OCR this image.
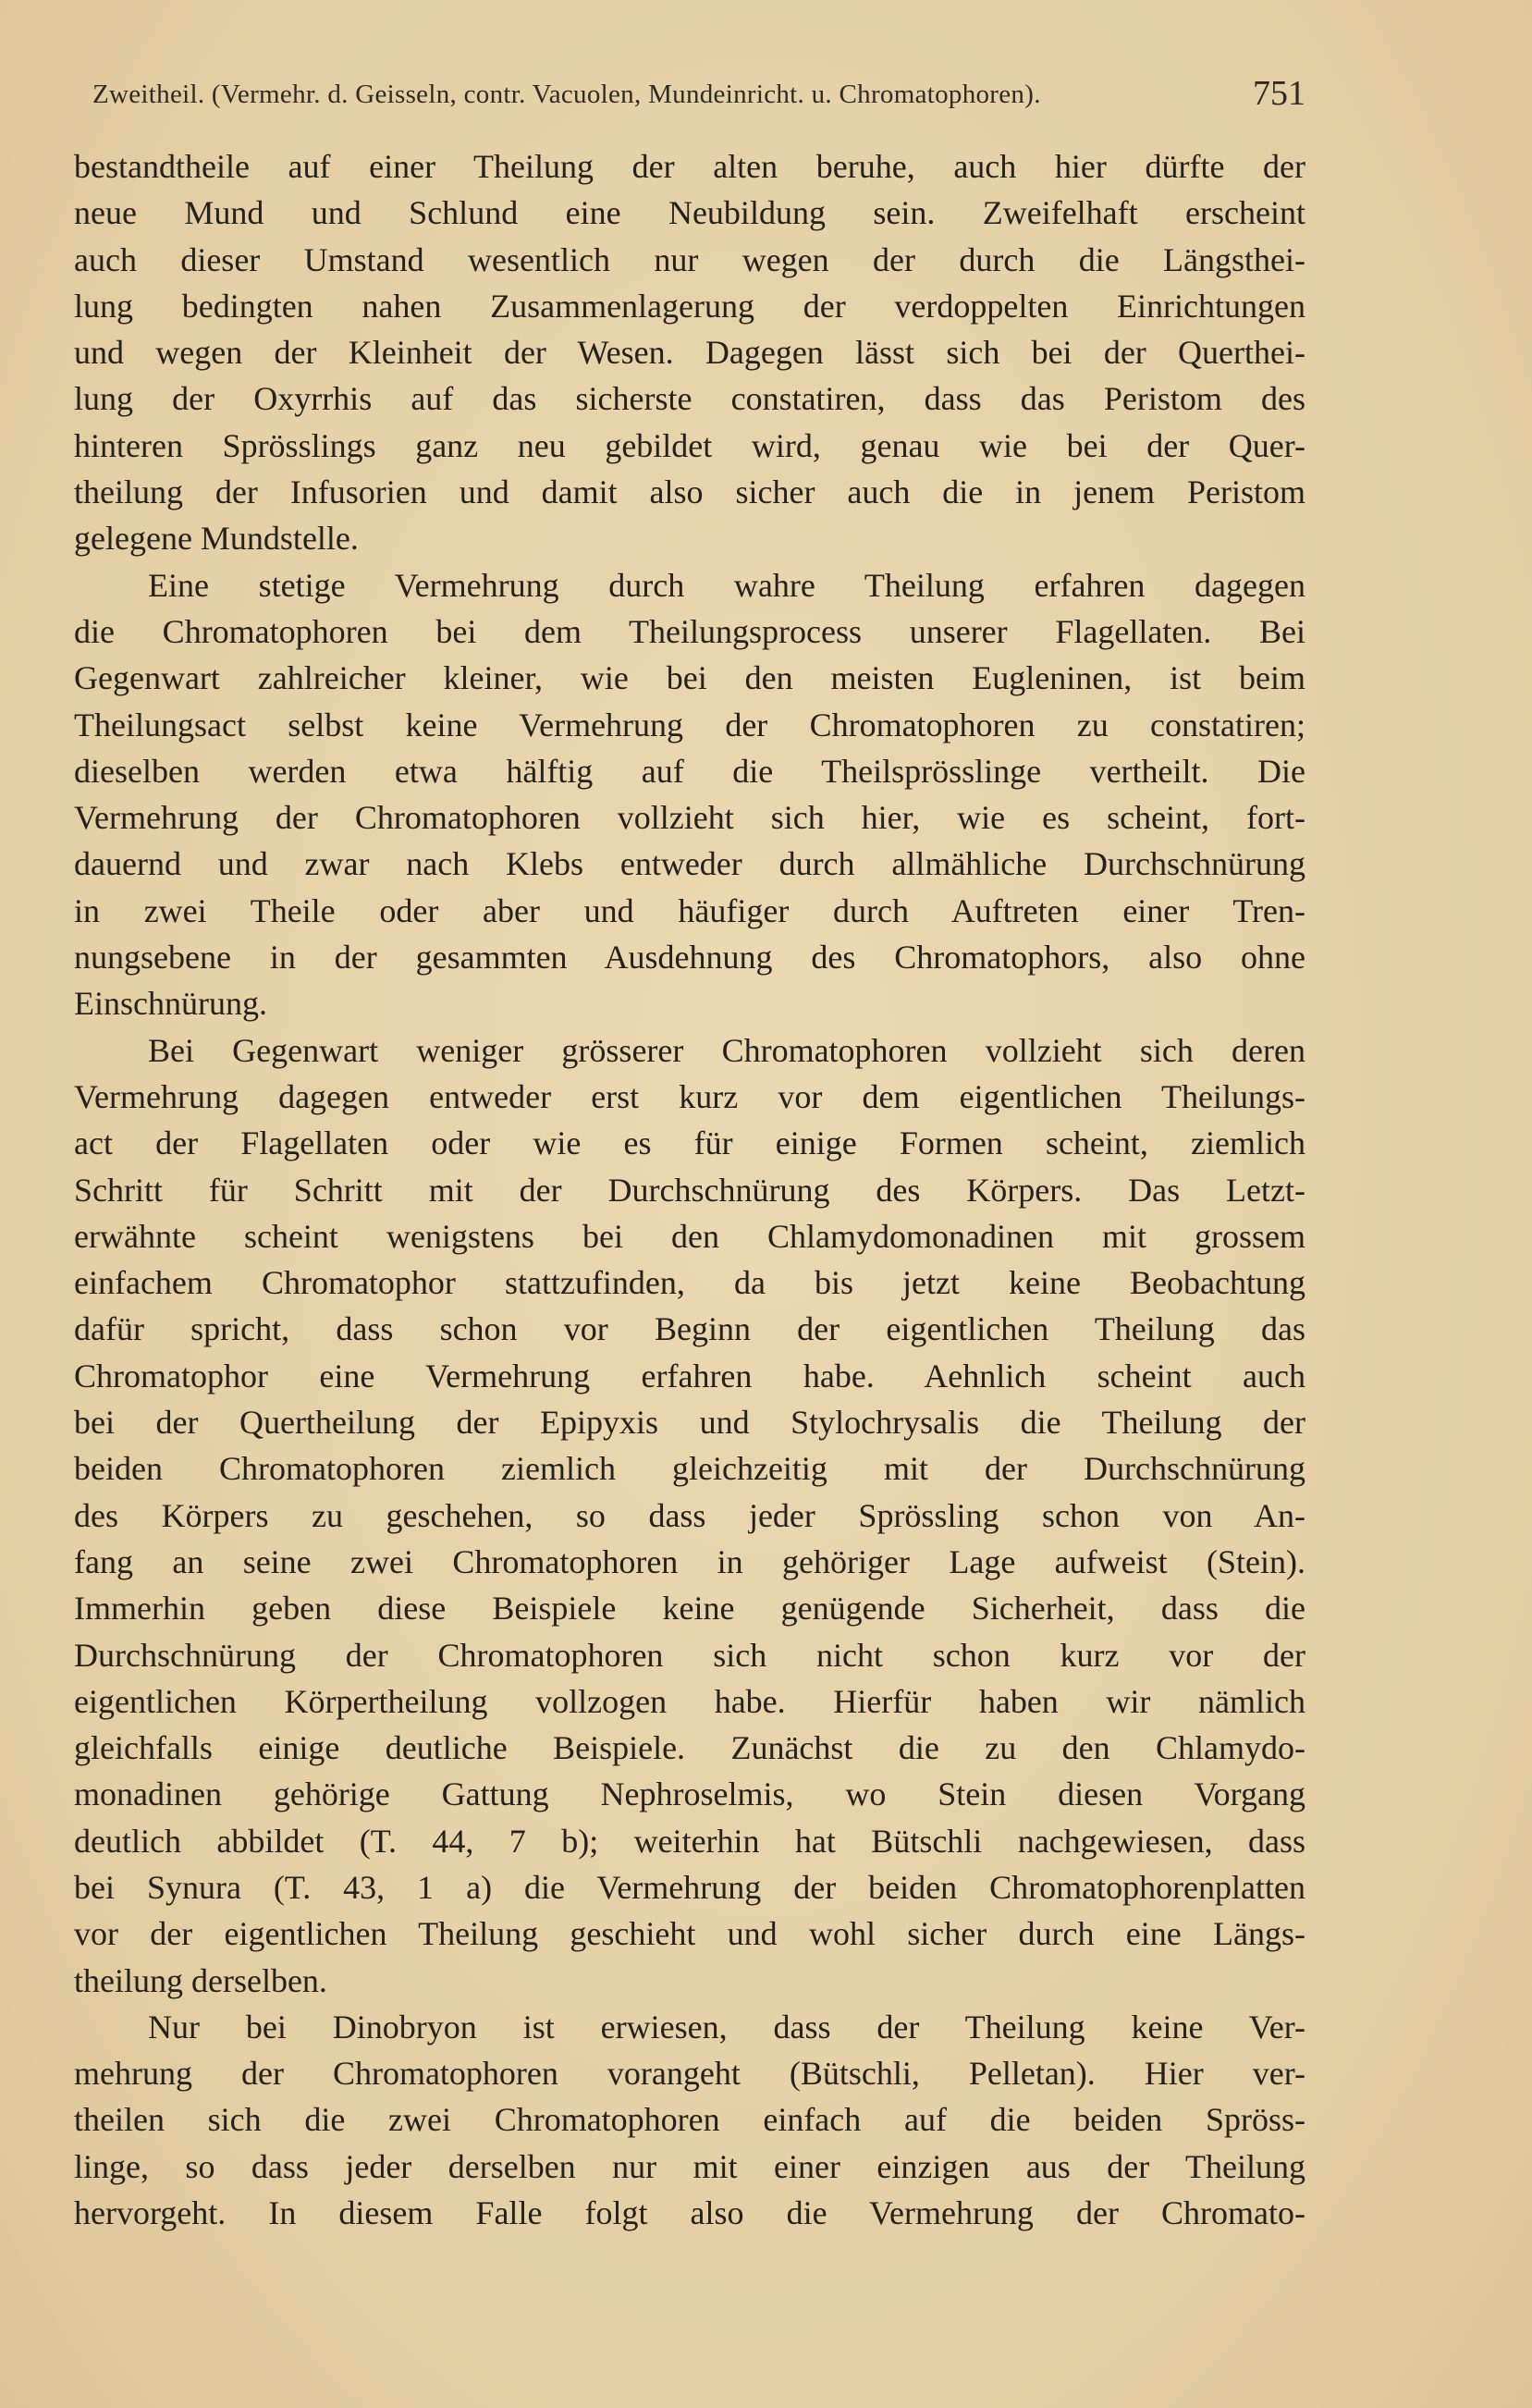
Zweitheil. (Vermehr. d. Geisseln, contr. Vacuolen, Mundeinricht. u. Chromatophoren).	751
bestandtheile auf einer Theilung der alten beruhe, auch hier dürfte der
neue Mund und Schlund eine Neubildung sein. Zweifelhaft erscheint
auch dieser Umstand wesentlich nur wegen der durch die Längsthei-
lung bedingten nahen Zusammenlagerung der verdoppelten Einrichtungen
und wegen der Kleinheit der Wesen. Dagegen lässt sich bei der Querthei-
lung der Oxyrrhis auf das sicherste constatiren, dass das Peristom des
hinteren Sprösslings ganz neu gebildet wird, genau wie bei der Quer-
theilung der Infusorien und damit also sicher auch die in jenem Peristom
gelegene Mundstelle.
Eine stetige Vermehrung durch wahre Theilung erfahren dagegen
die Chromatophoren bei dem Theilungsprocess unserer Flagellaten. Bei
Gegenwart zahlreicher kleiner, wie bei den meisten Eugleninen, ist beim
Theilungsact selbst keine Vermehrung der Chromatophoren zu constatiren;
dieselben werden etwa hälftig auf die Theilsprösslinge vertheilt. Die
Vermehrung der Chromatophoren vollzieht sich hier, wie es scheint, fort-
dauernd und zwar nach Klebs entweder durch allmähliche Durchschnürung
in zwei Theile oder aber und häufiger durch Auftreten einer Tren-
nungsebene in der gesammten Ausdehnung des Chromatophors, also ohne
Einschnürung.
Bei Gegenwart weniger grösserer Chromatophoren vollzieht sich deren
Vermehrung dagegen entweder erst kurz vor dem eigentlichen Theilungs-
act der Flagellaten oder wie es für einige Formen scheint, ziemlich
Schritt für Schritt mit der Durchschnürung des Körpers. Das Letzt-
erwähnte scheint wenigstens bei den Chlamydomonadinen mit grossem
einfachem Chromatophor stattzufinden, da bis jetzt keine Beobachtung
dafür spricht, dass schon vor Beginn der eigentlichen Theilung das
Chromatophor eine Vermehrung erfahren habe. Aehnlich scheint auch
bei der Quertheilung der Epipyxis und Stylochrysalis die Theilung der
beiden Chromatophoren ziemlich gleichzeitig mit der Durchschnürung
des Körpers zu geschehen, so dass jeder Sprössling schon von An-
fang an seine zwei Chromatophoren in gehöriger Lage aufweist (Stein).
Immerhin geben diese Beispiele keine genügende Sicherheit, dass die
Durchschnürung der Chromatophoren sich nicht schon kurz vor der
eigentlichen Körpertheilung vollzogen habe. Hierfür haben wir nämlich
gleichfalls einige deutliche Beispiele. Zunächst die zu den Chlamydo-
monadinen gehörige Gattung Nephroselmis, wo Stein diesen Vorgang
deutlich abbildet (T. 44, 7 b); weiterhin hat Bütschli nachgewiesen, dass
bei Synura (T. 43, 1 a) die Vermehrung der beiden Chromatophorenplatten
vor der eigentlichen Theilung geschieht und wohl sicher durch eine Längs-
theilung derselben.
Nur bei Dinobryon ist erwiesen, dass der Theilung keine Ver-
mehrung der Chromatophoren vorangeht (Bütschli, Pelletan). Hier ver-
theilen sich die zwei Chromatophoren einfach auf die beiden Spröss-
linge, so dass jeder derselben nur mit einer einzigen aus der Theilung
hervorgeht. In diesem Falle folgt also die Vermehrung der Chromato-
